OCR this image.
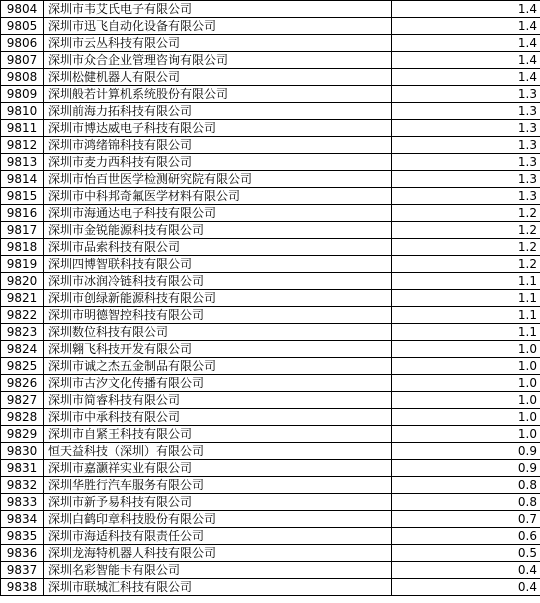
9804	深圳市韦艾氏电子有限公司	1.4
9805	深圳市迅飞自动化设备有限公司	1.4
9806	深圳市云丛科技有限公司	1.4
9807	深圳市众合企业管理咨询有限公司	1.4
9808	深圳松健机器人有限公司	1.4
9809	深圳般若计算机系统股份有限公司	1.3
9810	深圳前海力拓科技有限公司	1.3
9811	深圳市博达威电子科技有限公司	1.3
9812	深圳市鸿绪锦科技有限公司	1.3
9813	深圳市麦力西科技有限公司	1.3
9814	深圳市怡百世医学检测研究院有限公司	1.3
9815	深圳市中科邦奇氟医学材料有限公司	1.3
9816	深圳市海通达电子科技有限公司	1.2
9817	深圳市金锐能源科技有限公司	1.2
9818	深圳市品索科技有限公司	1.2
9819	深圳四博智联科技有限公司	1.2
9820	深圳市冰润冷链科技有限公司	1.1
9821	深圳市创绿新能源科技有限公司	1.1
9822	深圳市明德智控科技有限公司	1.1
9823	深圳数位科技有限公司	1.1
9824	深圳翱飞科技开发有限公司	1.0
9825	深圳市诚之杰五金制品有限公司	1.0
9826	深圳市古汐文化传播有限公司	1.0
9827	深圳市简睿科技有限公司	1.0
9828	深圳市中承科技有限公司	1.0
9829	深圳市自紧王科技有限公司	1.0
9830	恒天益科技（深圳）有限公司	0.9
9831	深圳市嘉灏祥实业有限公司	0.9
9832	深圳华胜行汽车服务有限公司	0.8
9833	深圳市新予易科技有限公司	0.8
9834	深圳白鹤印章科技股份有限公司	0.7
9835	深圳市海适科技有限责任公司	0.6
9836	深圳龙海特机器人科技有限公司	0.5
9837	深圳名彩智能卡有限公司	0.4
9838	深圳市联城汇科技有限公司	0.4
